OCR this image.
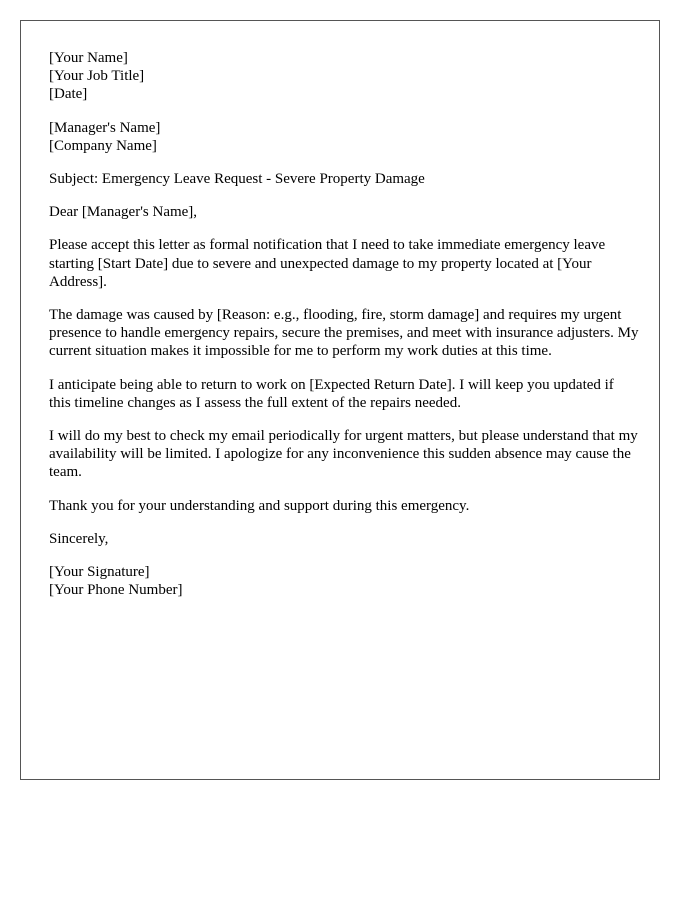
[Your Name]
[Your Job Title]
[Date]
[Manager's Name]
[Company Name]

Subject: Emergency Leave Request - Severe Property Damage

Dear [Manager's Name],

Please accept this letter as formal notification that I need to take immediate emergency leave starting [Start Date] due to severe and unexpected damage to my property located at [Your Address].

The damage was caused by [Reason: e.g., flooding, fire, storm damage] and requires my urgent presence to handle emergency repairs, secure the premises, and meet with insurance adjusters. My current situation makes it impossible for me to perform my work duties at this time.

I anticipate being able to return to work on [Expected Return Date]. I will keep you updated if this timeline changes as I assess the full extent of the repairs needed.

I will do my best to check my email periodically for urgent matters, but please understand that my availability will be limited. I apologize for any inconvenience this sudden absence may cause the team.

Thank you for your understanding and support during this emergency.

Sincerely,

[Your Signature]
[Your Phone Number]
